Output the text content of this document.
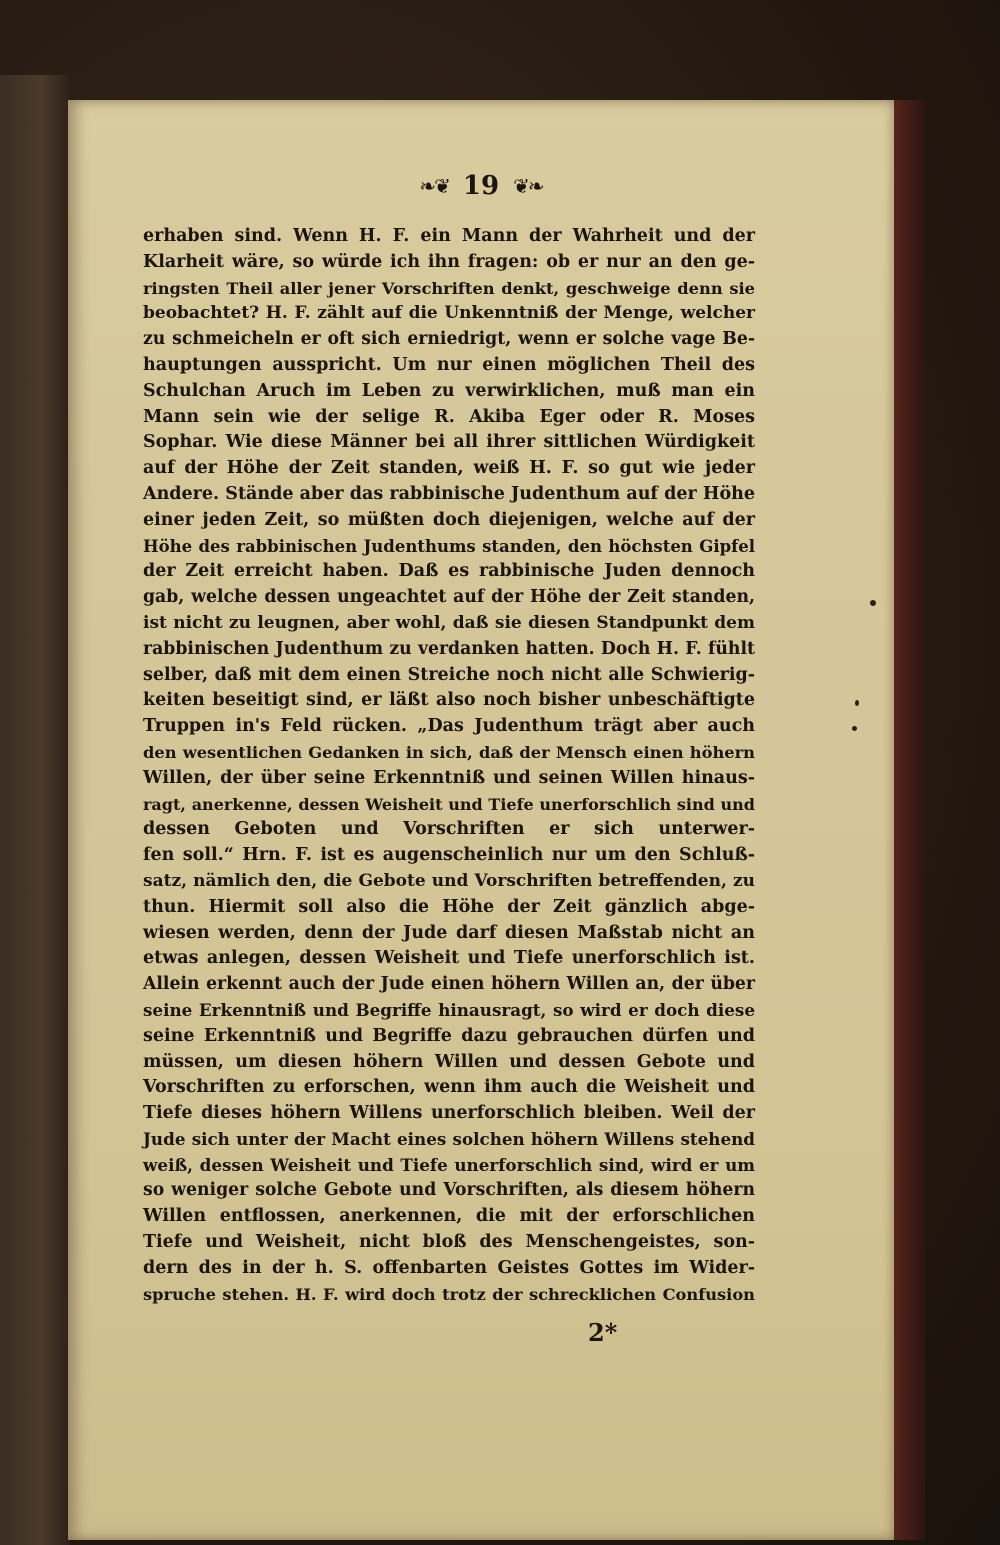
❧❦ 19 ❦❧
erhaben sind. Wenn H. F. ein Mann der Wahrheit und der
Klarheit wäre, so würde ich ihn fragen: ob er nur an den ge-
ringsten Theil aller jener Vorschriften denkt, geschweige denn sie
beobachtet? H. F. zählt auf die Unkenntniß der Menge, welcher
zu schmeicheln er oft sich erniedrigt, wenn er solche vage Be-
hauptungen ausspricht. Um nur einen möglichen Theil des
Schulchan Aruch im Leben zu verwirklichen, muß man ein
Mann sein wie der selige R. Akiba Eger oder R. Moses
Sophar. Wie diese Männer bei all ihrer sittlichen Würdigkeit
auf der Höhe der Zeit standen, weiß H. F. so gut wie jeder
Andere. Stände aber das rabbinische Judenthum auf der Höhe
einer jeden Zeit, so müßten doch diejenigen, welche auf der
Höhe des rabbinischen Judenthums standen, den höchsten Gipfel
der Zeit erreicht haben. Daß es rabbinische Juden dennoch
gab, welche dessen ungeachtet auf der Höhe der Zeit standen,
ist nicht zu leugnen, aber wohl, daß sie diesen Standpunkt dem
rabbinischen Judenthum zu verdanken hatten. Doch H. F. fühlt
selber, daß mit dem einen Streiche noch nicht alle Schwierig-
keiten beseitigt sind, er läßt also noch bisher unbeschäftigte
Truppen in's Feld rücken. „Das Judenthum trägt aber auch
den wesentlichen Gedanken in sich, daß der Mensch einen höhern
Willen, der über seine Erkenntniß und seinen Willen hinaus-
ragt, anerkenne, dessen Weisheit und Tiefe unerforschlich sind und
dessen Geboten und Vorschriften er sich unterwer-
fen soll.“ Hrn. F. ist es augenscheinlich nur um den Schluß-
satz, nämlich den, die Gebote und Vorschriften betreffenden, zu
thun. Hiermit soll also die Höhe der Zeit gänzlich abge-
wiesen werden, denn der Jude darf diesen Maßstab nicht an
etwas anlegen, dessen Weisheit und Tiefe unerforschlich ist.
Allein erkennt auch der Jude einen höhern Willen an, der über
seine Erkenntniß und Begriffe hinausragt, so wird er doch diese
seine Erkenntniß und Begriffe dazu gebrauchen dürfen und
müssen, um diesen höhern Willen und dessen Gebote und
Vorschriften zu erforschen, wenn ihm auch die Weisheit und
Tiefe dieses höhern Willens unerforschlich bleiben. Weil der
Jude sich unter der Macht eines solchen höhern Willens stehend
weiß, dessen Weisheit und Tiefe unerforschlich sind, wird er um
so weniger solche Gebote und Vorschriften, als diesem höhern
Willen entflossen, anerkennen, die mit der erforschlichen
Tiefe und Weisheit, nicht bloß des Menschengeistes, son-
dern des in der h. S. offenbarten Geistes Gottes im Wider-
spruche stehen. H. F. wird doch trotz der schrecklichen Confusion
2*
